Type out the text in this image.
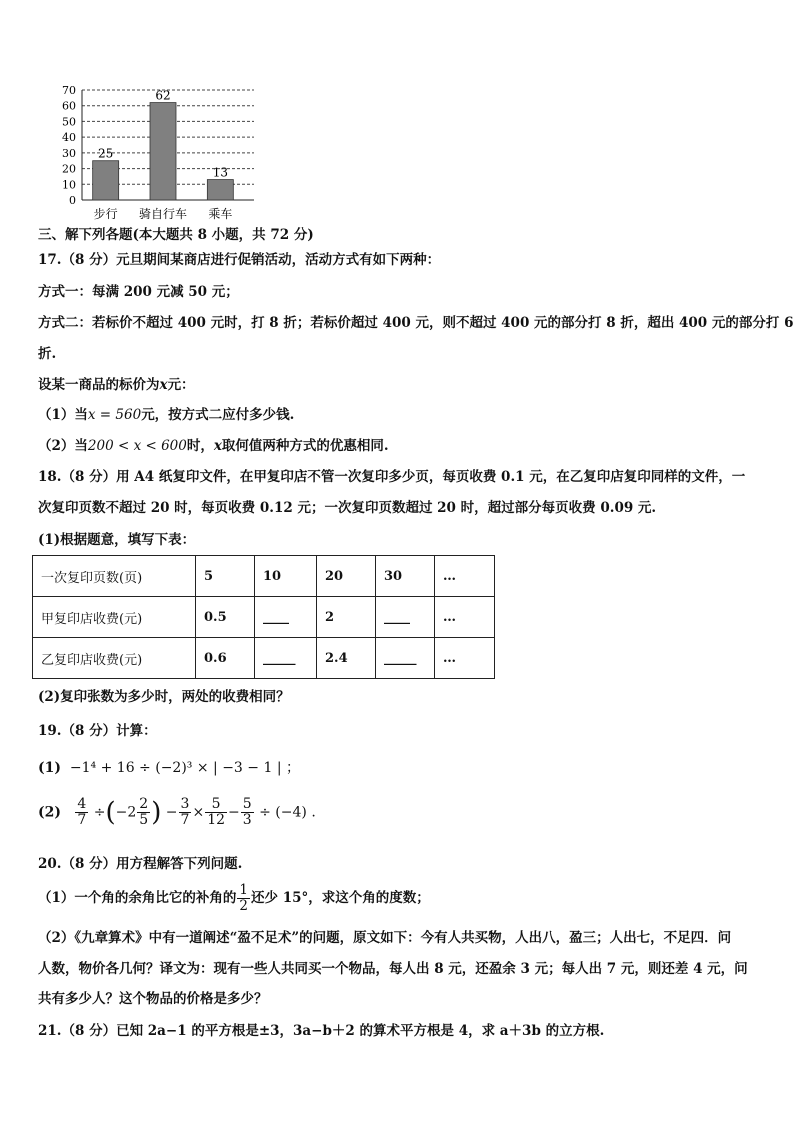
0
10
20
30
40
50
60
70
25
62
13
步行 骑自行车 乘车
三、解下列各题(本大题共 8 小题，共 72 分)
17.（8 分）元旦期间某商店进行促销活动，活动方式有如下两种：
方式一：每满 200 元减 50 元；
方式二：若标价不超过 400 元时，打 8 折；若标价超过 400 元，则不超过 400 元的部分打 8 折，超出 400 元的部分打 6
折.
设某一商品的标价为x元：
（1）当x = 560元，按方式二应付多少钱.
（2）当200 < x < 600时，x取何值两种方式的优惠相同.
18.（8 分）用 A4 纸复印文件，在甲复印店不管一次复印多少页，每页收费 0.1 元，在乙复印店复印同样的文件，一
次复印页数不超过 20 时，每页收费 0.12 元；一次复印页数超过 20 时，超过部分每页收费 0.09 元.
(1)根据题意，填写下表：
一次复印页数(页)	5	10	20	30	…
甲复印店收费(元)	0.5	____	2	____	…
乙复印店收费(元)	0.6	_____	2.4	_____	…
(2)复印张数为多少时，两处的收费相同？
19.（8 分）计算：
(1) −1⁴ + 16 ÷ (−2)³ × | −3 − 1 | ；
$(2) \frac{4}{7} \div(-2 \frac{2}{5}$ ) − $\frac{3}{7} \times \frac{5}{12} - \frac{5}{3} \div (-4)$ .
20.（8 分）用方程解答下列问题.
（1）一个角的余角比它的补角的 $\frac{1}{2}$ 还少 15°，求这个角的度数；
（2）《九章算术》中有一道阐述“盈不足术”的问题，原文如下：今有人共买物，人出八，盈三；人出七，不足四．问
人数，物价各几何？译文为：现有一些人共同买一个物品，每人出 8 元，还盈余 3 元；每人出 7 元，则还差 4 元，问
共有多少人？这个物品的价格是多少？
21.（8 分）已知 2a−1 的平方根是±3，3a−b＋2 的算术平方根是 4，求 a＋3b 的立方根.
